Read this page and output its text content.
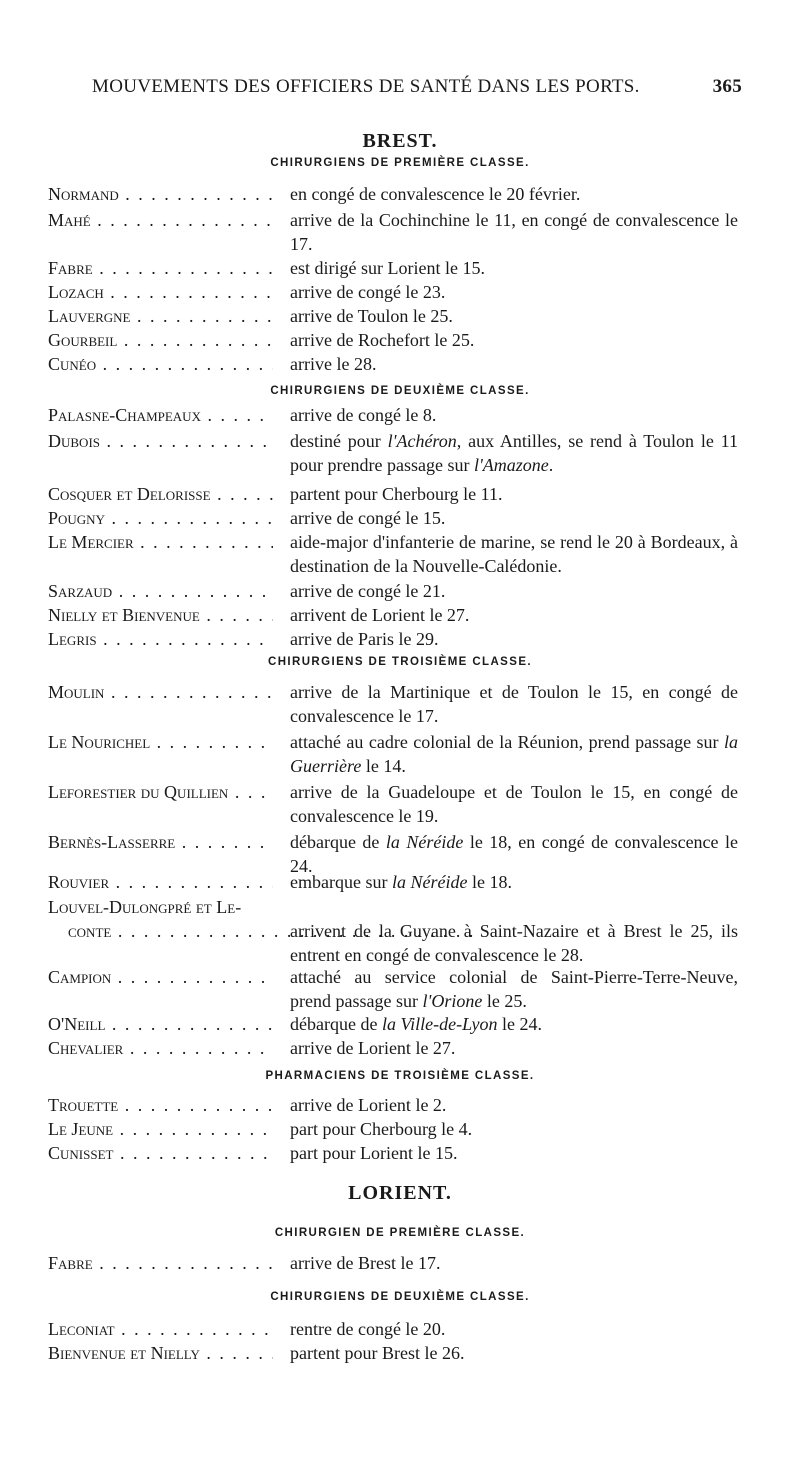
MOUVEMENTS DES OFFICIERS DE SANTÉ DANS LES PORTS.	365
BREST.
CHIRURGIENS DE PREMIÈRE CLASSE.
Normand . . .	en congé de convalescence le 20 février.
Mahé . . .	arrive de la Cochinchine le 11, en congé de convalescence le 17.
Fabre . . .	est dirigé sur Lorient le 15.
Lozach . . .	arrive de congé le 23.
Lauvergne . . .	arrive de Toulon le 25.
Gourbeil . . .	arrive de Rochefort le 25.
Cunéo . . .	arrive le 28.
CHIRURGIENS DE DEUXIÈME CLASSE.
Palasne-Champeaux . . .	arrive de congé le 8.
Dubois . . .	destiné pour l'Achéron, aux Antilles, se rend à Toulon le 11 pour prendre passage sur l'Amazone.
Cosquer et Delorisse . . .	partent pour Cherbourg le 11.
Pougny . . .	arrive de congé le 15.
Le Mercier . . .	aide-major d'infanterie de marine, se rend le 20 à Bordeaux, à destination de la Nouvelle-Calédonie.
Sarzaud . . .	arrive de congé le 21.
Nielly et Bienvenue . . .	arrivent de Lorient le 27.
Legris . . .	arrive de Paris le 29.
CHIRURGIENS DE TROISIÈME CLASSE.
Moulin . . .	arrive de la Martinique et de Toulon le 15, en congé de convalescence le 17.
Le Nourichel . . .	attaché au cadre colonial de la Réunion, prend passage sur la Guerrière le 14.
Leforestier du Quillien . . .	arrive de la Guadeloupe et de Toulon le 15, en congé de convalescence le 19.
Bernès-Lasserre . . .	débarque de la Néréide le 18, en congé de convalescence le 24.
Rouvier . . .	embarque sur la Néréide le 18.
Louvel-Dulongpré et Le-
conte . . .	arrivent de la Guyane à Saint-Nazaire et à Brest le 25, ils entrent en congé de convalescence le 28.
Campion . . .	attaché au service colonial de Saint-Pierre-Terre-Neuve, prend passage sur l'Orione le 25.
O'Neill . . .	débarque de la Ville-de-Lyon le 24.
Chevalier . . .	arrive de Lorient le 27.
PHARMACIENS DE TROISIÈME CLASSE.
Trouette . . .	arrive de Lorient le 2.
Le Jeune . . .	part pour Cherbourg le 4.
Cunisset . . .	part pour Lorient le 15.
LORIENT.
CHIRURGIEN DE PREMIÈRE CLASSE.
Fabre . . .	arrive de Brest le 17.
CHIRURGIENS DE DEUXIÈME CLASSE.
Leconiat . . .	rentre de congé le 20.
Bienvenue et Nielly . . .	partent pour Brest le 26.
